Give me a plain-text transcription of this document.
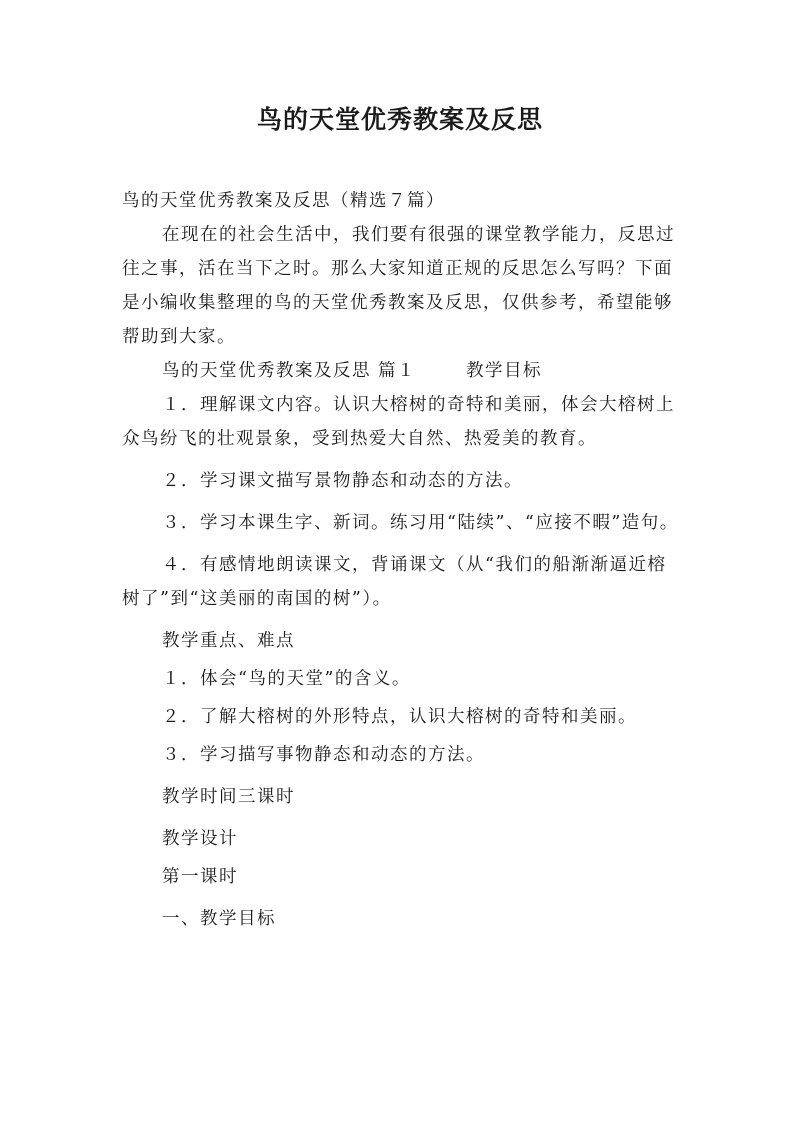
鸟的天堂优秀教案及反思

鸟的天堂优秀教案及反思（精选７篇）

在现在的社会生活中，我们要有很强的课堂教学能力，反思过往之事，活在当下之时。那么大家知道正规的反思怎么写吗？下面是小编收集整理的鸟的天堂优秀教案及反思，仅供参考，希望能够帮助到大家。

鸟的天堂优秀教案及反思 篇１	教学目标

１．理解课文内容。认识大榕树的奇特和美丽，体会大榕树上众鸟纷飞的壮观景象，受到热爱大自然、热爱美的教育。

２．学习课文描写景物静态和动态的方法。

３．学习本课生字、新词。练习用“陆续”、“应接不暇”造句。

４．有感情地朗读课文，背诵课文（从“我们的船渐渐逼近榕树了”到“这美丽的南国的树”）。

教学重点、难点

１．体会“鸟的天堂”的含义。

２．了解大榕树的外形特点，认识大榕树的奇特和美丽。

３．学习描写事物静态和动态的方法。

教学时间三课时

教学设计

第一课时

一、教学目标
